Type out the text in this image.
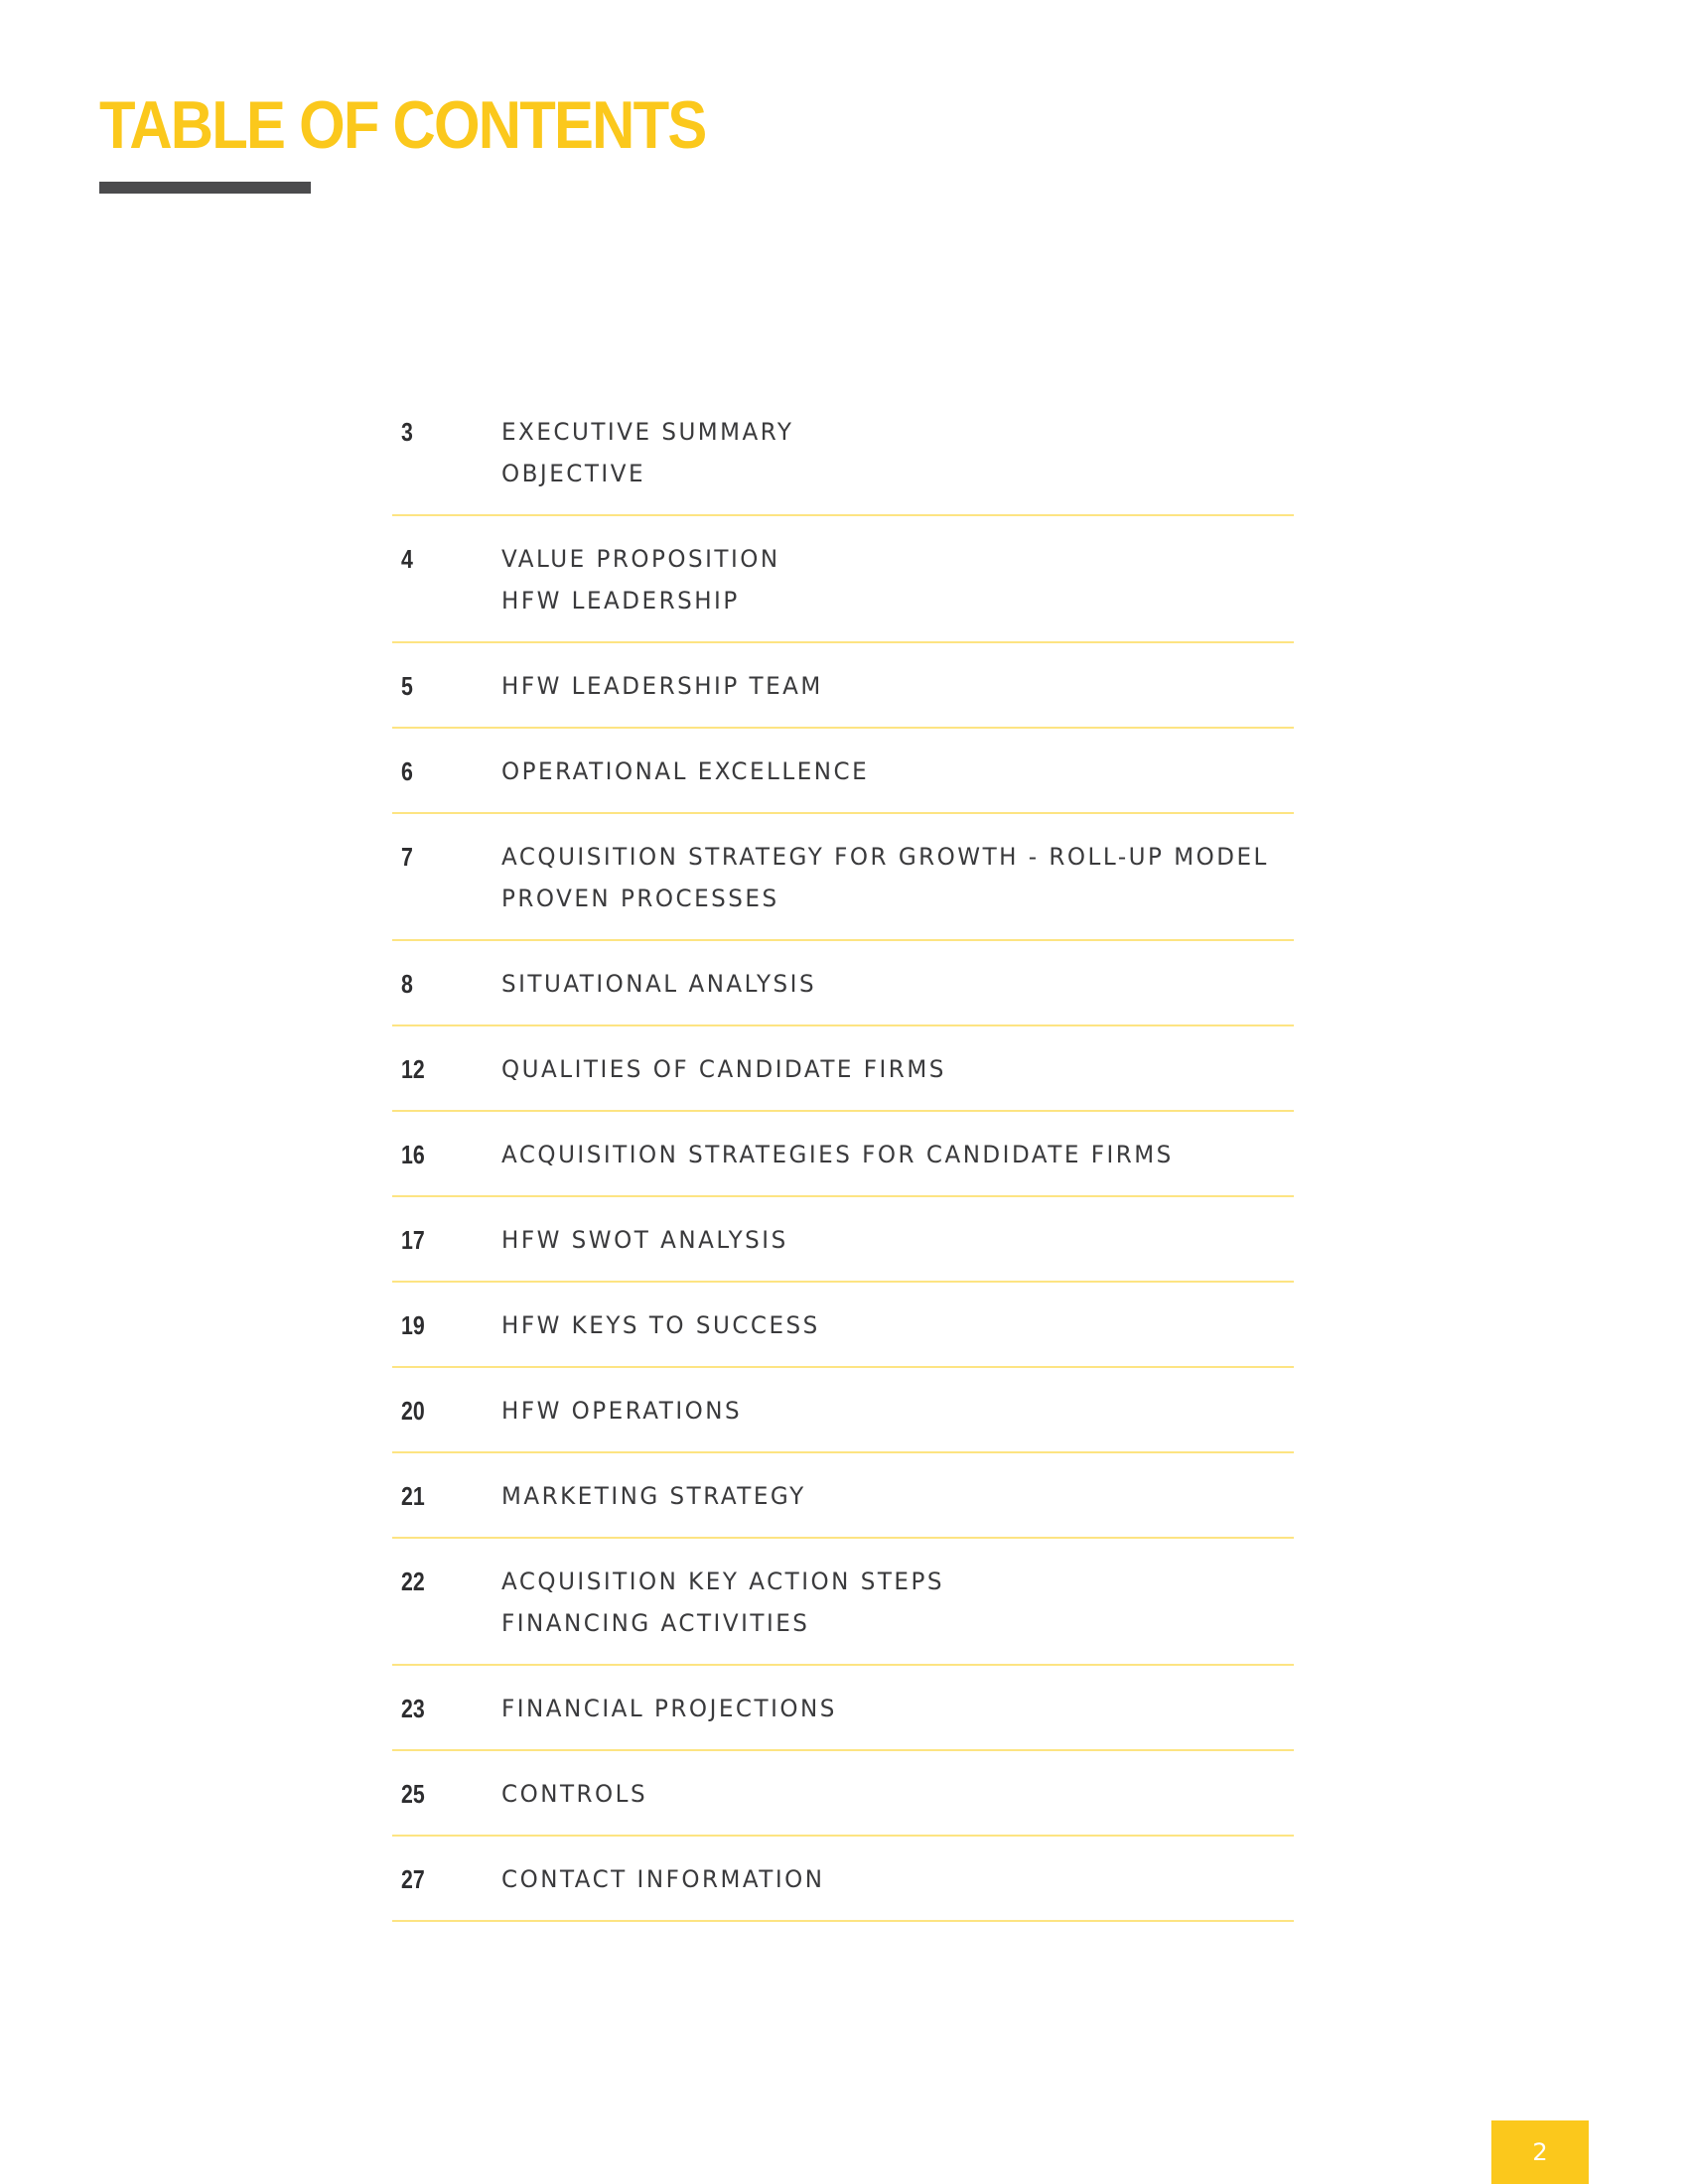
TABLE OF CONTENTS
3	EXECUTIVE SUMMARY
OBJECTIVE
4	VALUE PROPOSITION
HFW LEADERSHIP
5	HFW LEADERSHIP TEAM
6	OPERATIONAL EXCELLENCE
7	ACQUISITION STRATEGY FOR GROWTH - ROLL-UP MODEL
PROVEN PROCESSES
8	SITUATIONAL ANALYSIS
12	QUALITIES OF CANDIDATE FIRMS
16	ACQUISITION STRATEGIES FOR CANDIDATE FIRMS
17	HFW SWOT ANALYSIS
19	HFW KEYS TO SUCCESS
20	HFW OPERATIONS
21	MARKETING STRATEGY
22	ACQUISITION KEY ACTION STEPS
FINANCING ACTIVITIES
23	FINANCIAL PROJECTIONS
25	CONTROLS
27	CONTACT INFORMATION
2
